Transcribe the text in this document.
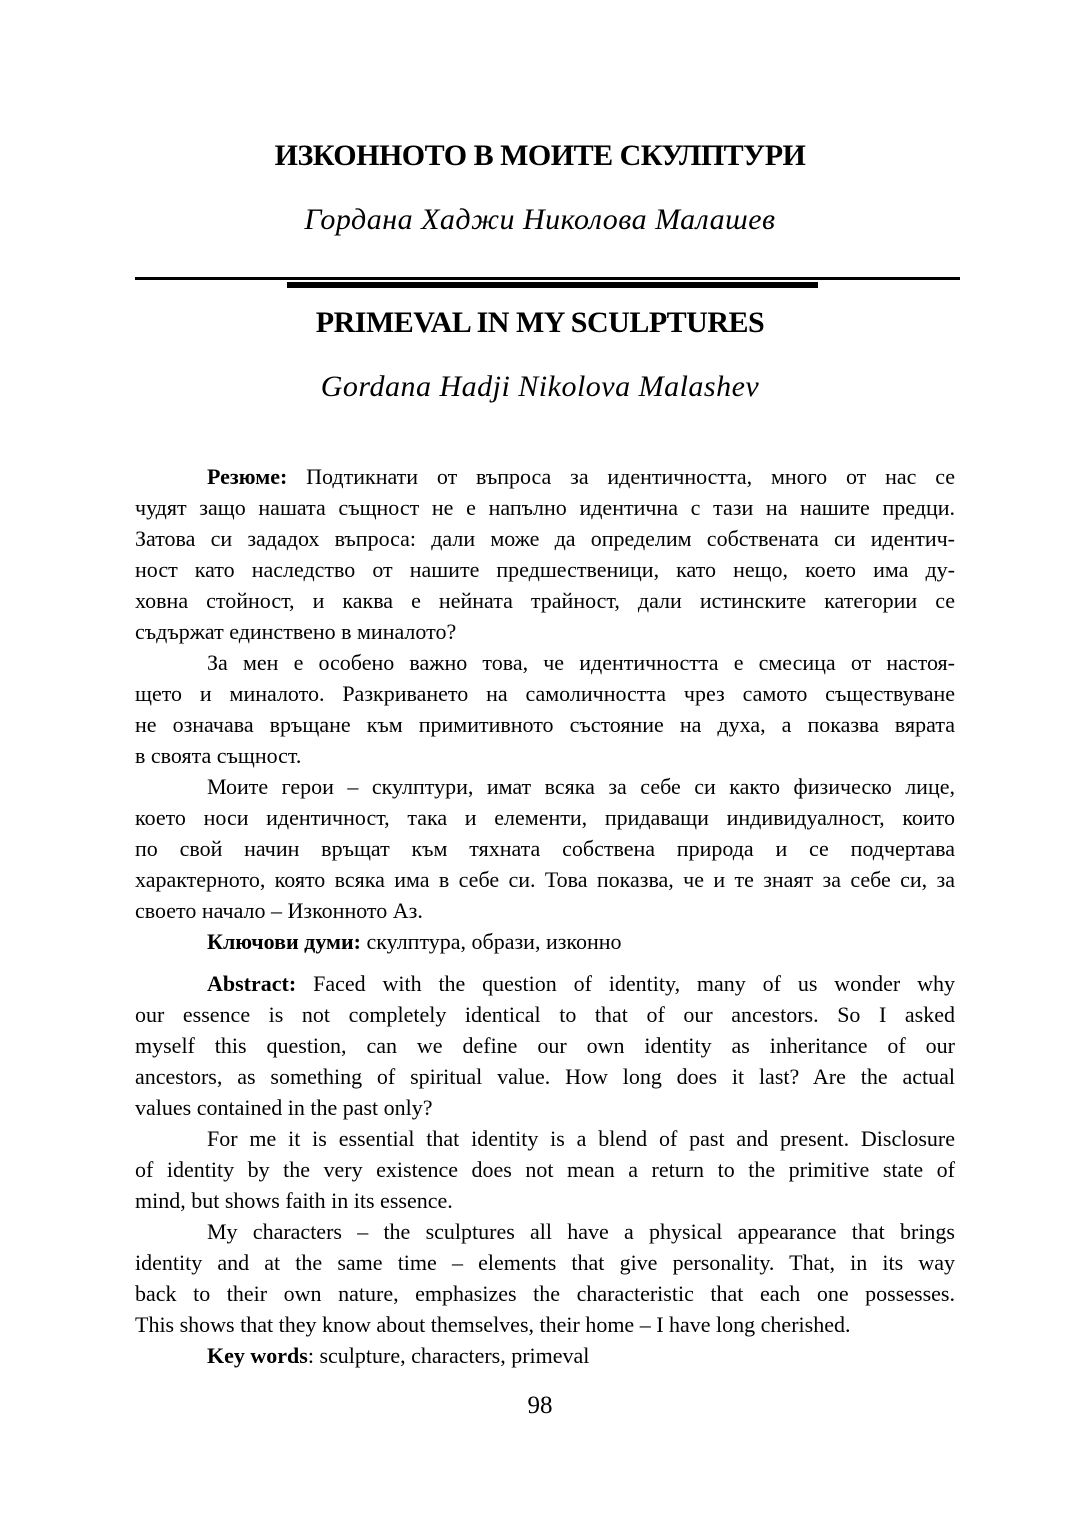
ИЗКОННОТО В МОИТЕ СКУЛПТУРИ
Гордана Хаджи Николова Малашев
PRIMEVAL IN MY SCULPTURES
Gordana Hadji Nikolova Malashev
Резюме: Подтикнати от въпроса за идентичността, много от нас се
чудят защо нашата същност не е напълно идентична с тази на нашите предци.
Затова си зададох въпроса: дали може да определим собствената си идентич-
ност като наследство от нашите предшественици, като нещо, което има ду-
ховна стойност, и каква е нейната трайност, дали истинските категории се
съдържат единствено в миналото?
За мен е особено важно това, че идентичността е смесица от настоя-
щето и миналото. Разкриването на самоличността чрез самото съществуване
не означава връщане към примитивното състояние на духа, а показва вярата
в своята същност.
Моите герои – скулптури, имат всяка за себе си както физическо лице,
което носи идентичност, така и елементи, придаващи индивидуалност, които
по свой начин връщат към тяхната собствена природа и се подчертава
характерното, която всяка има в себе си. Това показва, че и те знаят за себе си, за
своето начало – Изконното Аз.
Ключови думи: скулптура, образи, изконно
Abstract: Faced with the question of identity, many of us wonder why
our essence is not completely identical to that of our ancestors. So I asked
myself this question, can we define our own identity as inheritance of our
ancestors, as something of spiritual value. How long does it last? Are the actual
values contained in the past only?
For me it is essential that identity is a blend of past and present. Disclosure
of identity by the very existence does not mean a return to the primitive state of
mind, but shows faith in its essence.
My characters – the sculptures all have a physical appearance that brings
identity and at the same time – elements that give personality. That, in its way
back to their own nature, emphasizes the characteristic that each one possesses.
This shows that they know about themselves, their home – I have long cherished.
Key words: sculpture, characters, primeval
98
